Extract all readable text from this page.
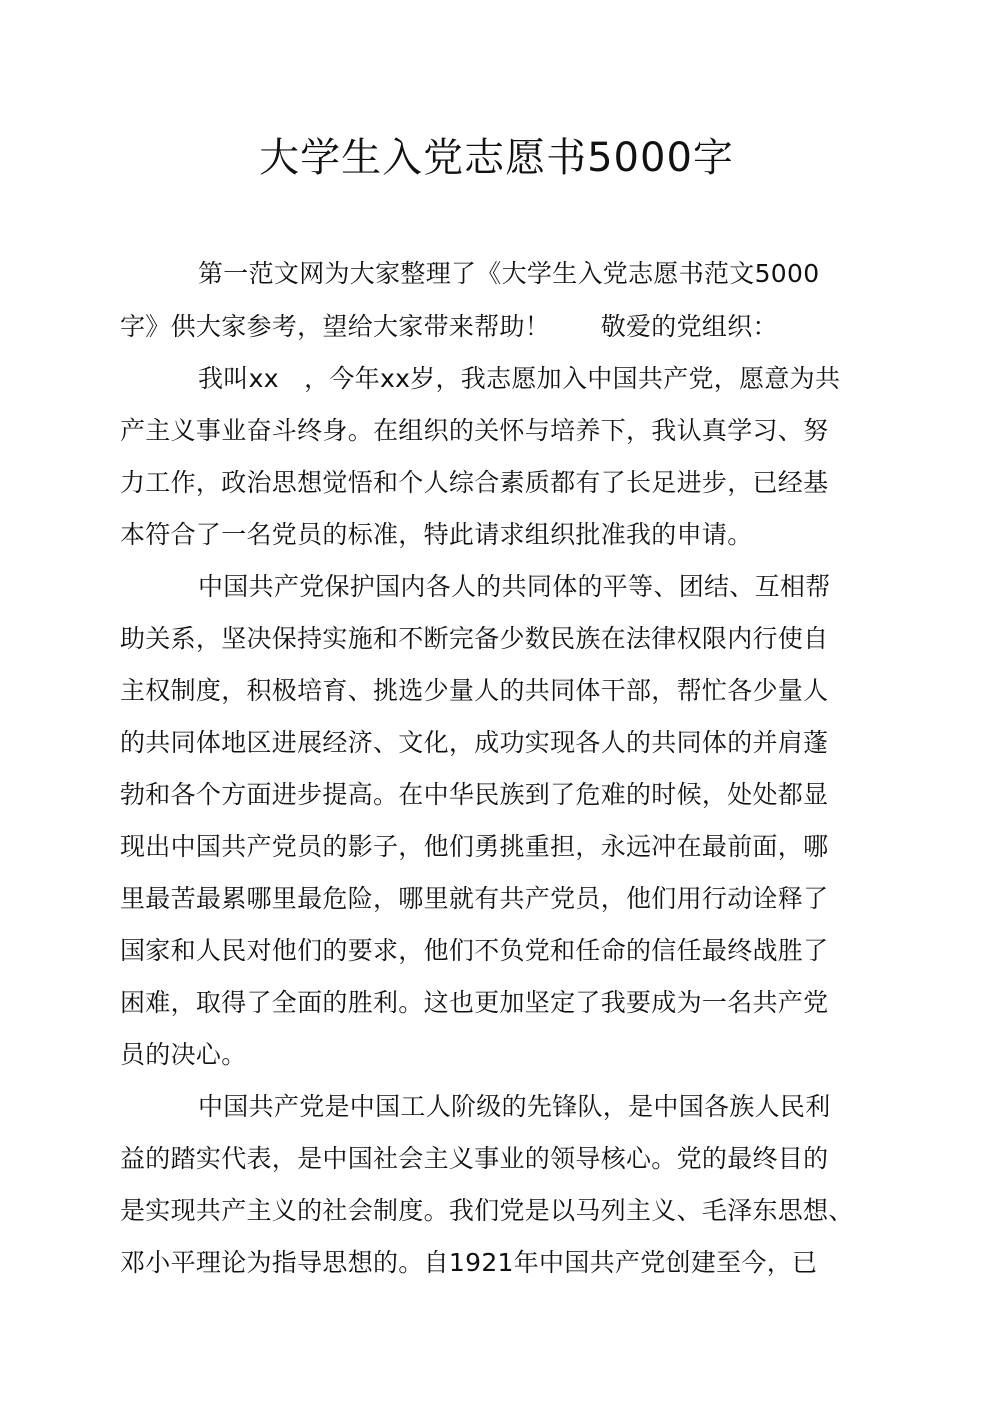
大学生入党志愿书5000字

第一范文网为大家整理了《大学生入党志愿书范文5000

字》供大家参考，望给大家带来帮助！　　敬爱的党组织：

我叫xx　，今年xx岁，我志愿加入中国共产党，愿意为共

产主义事业奋斗终身。在组织的关怀与培养下，我认真学习、努

力工作，政治思想觉悟和个人综合素质都有了长足进步，已经基

本符合了一名党员的标准，特此请求组织批准我的申请。

中国共产党保护国内各人的共同体的平等、团结、互相帮

助关系，坚决保持实施和不断完备少数民族在法律权限内行使自

主权制度，积极培育、挑选少量人的共同体干部，帮忙各少量人

的共同体地区进展经济、文化，成功实现各人的共同体的并肩蓬

勃和各个方面进步提高。在中华民族到了危难的时候，处处都显

现出中国共产党员的影子，他们勇挑重担，永远冲在最前面，哪

里最苦最累哪里最危险，哪里就有共产党员，他们用行动诠释了

国家和人民对他们的要求，他们不负党和任命的信任最终战胜了

困难，取得了全面的胜利。这也更加坚定了我要成为一名共产党

员的决心。

中国共产党是中国工人阶级的先锋队，是中国各族人民利

益的踏实代表，是中国社会主义事业的领导核心。党的最终目的

是实现共产主义的社会制度。我们党是以马列主义、毛泽东思想、

邓小平理论为指导思想的。自1921年中国共产党创建至今，已
